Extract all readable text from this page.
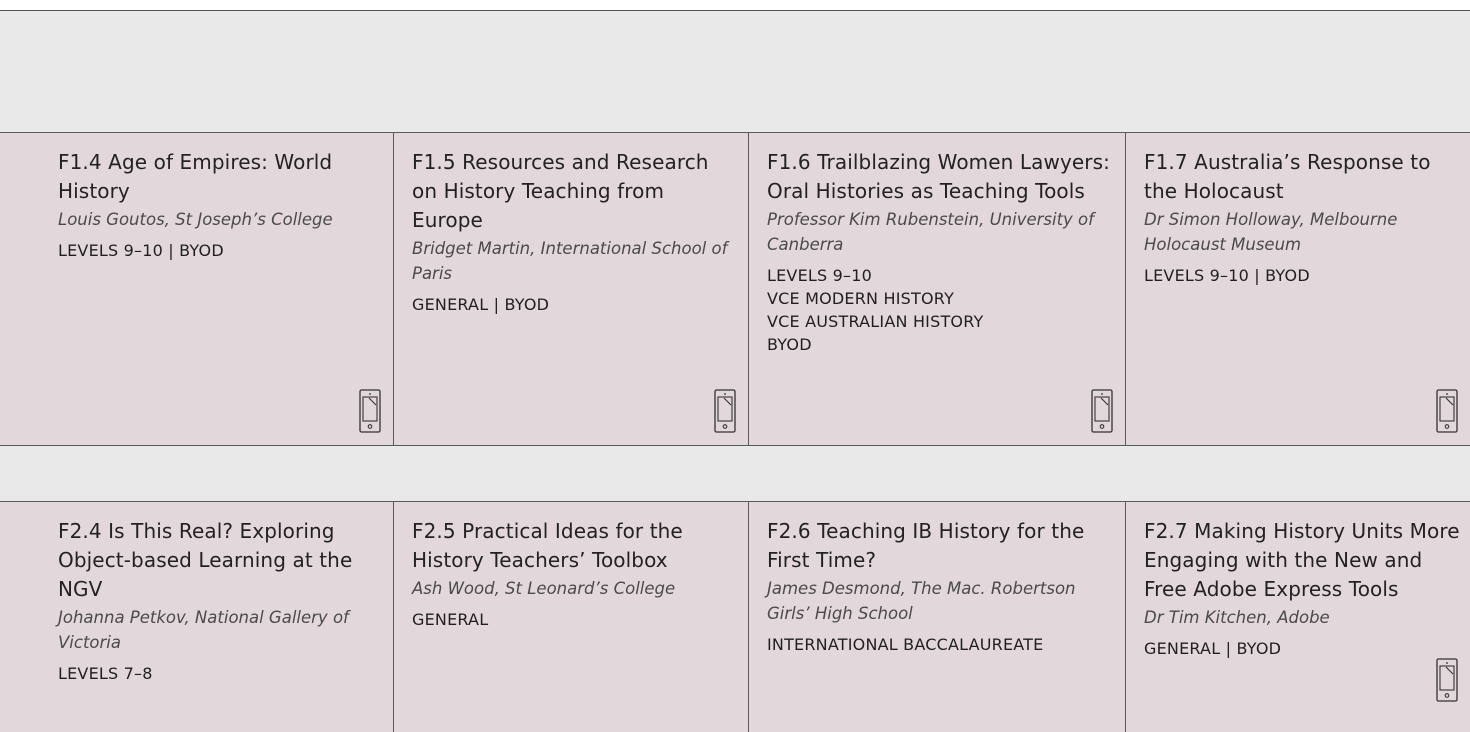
F1.4 Age of Empires: World History
Louis Goutos, St Joseph’s College
LEVELS 9–10 | BYOD
F1.5 Resources and Research on History Teaching from Europe
Bridget Martin, International School of Paris
GENERAL | BYOD
F1.6 Trailblazing Women Lawyers: Oral Histories as Teaching Tools
Professor Kim Rubenstein, University of Canberra
LEVELS 9–10
VCE MODERN HISTORY
VCE AUSTRALIAN HISTORY
BYOD
F1.7 Australia’s Response to the Holocaust
Dr Simon Holloway, Melbourne Holocaust Museum
LEVELS 9–10 | BYOD
F2.4 Is This Real? Exploring Object-based Learning at the NGV
Johanna Petkov, National Gallery of Victoria
LEVELS 7–8
F2.5 Practical Ideas for the History Teachers’ Toolbox
Ash Wood, St Leonard’s College
GENERAL
F2.6 Teaching IB History for the First Time?
James Desmond, The Mac. Robertson Girls’ High School
INTERNATIONAL BACCALAUREATE
F2.7 Making History Units More Engaging with the New and Free Adobe Express Tools
Dr Tim Kitchen, Adobe
GENERAL | BYOD
